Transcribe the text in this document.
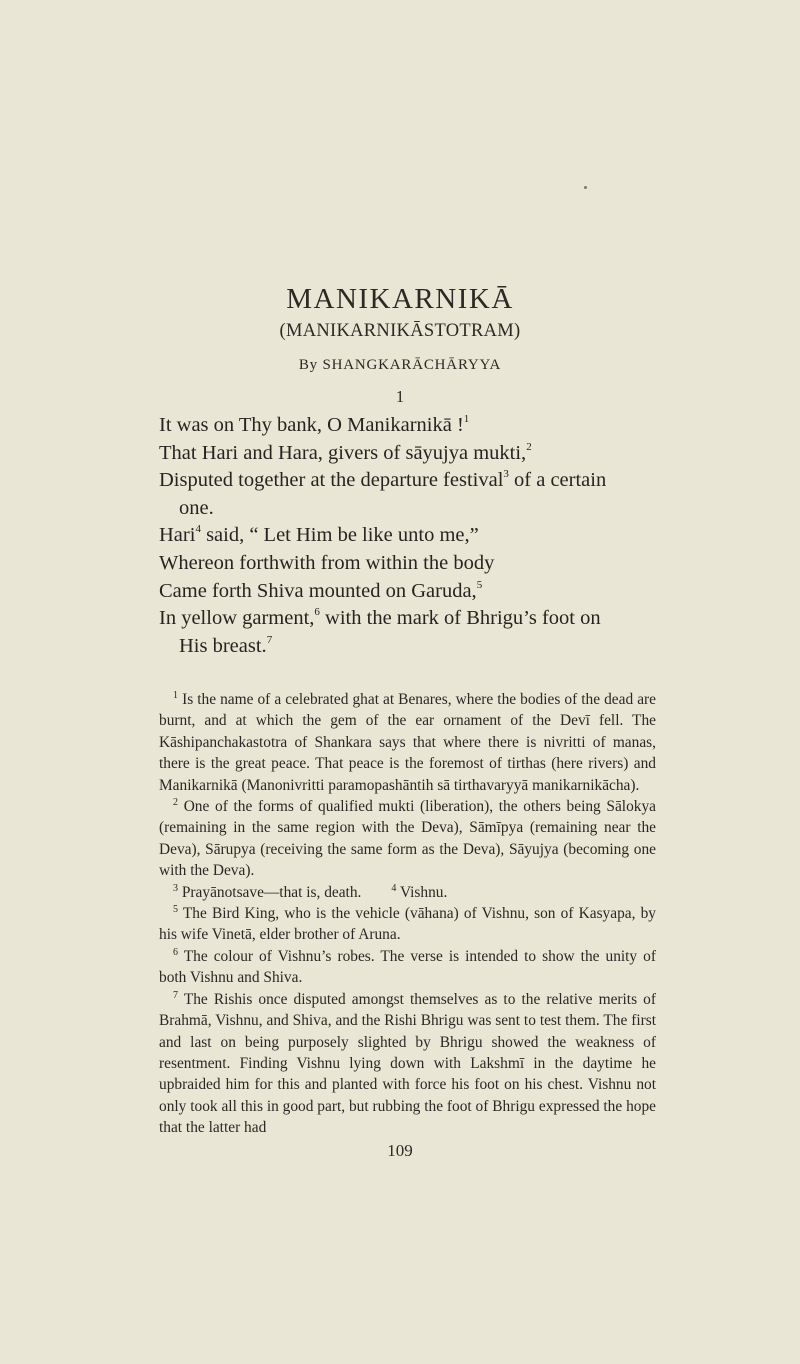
MANIKARNIKĀ
(MANIKARNIKĀSTOTRAM)
By SHANGKARĀCHĀRYYA
1
It was on Thy bank, O Manikarnikā !$^1$
That Hari and Hara, givers of sāyujya mukti,$^2$
Disputed together at the departure festival$^3$ of a certain
one.
Hari$^4$ said, “ Let Him be like unto me,”
Whereon forthwith from within the body
Came forth Shiva mounted on Garuda,$^5$
In yellow garment,$^6$ with the mark of Bhrigu’s foot on
His breast.$^7$

$^1$ Is the name of a celebrated ghat at Benares, where the bodies of the dead are burnt, and at which the gem of the ear ornament of the Devī fell. The Kāshipanchakastotra of Shankara says that where there is nivritti of manas, there is the great peace. That peace is the foremost of tirthas (here rivers) and Manikarnikā (Manonivritti paramopashāntih sā tirthavaryyā manikarnikācha).

$^2$ One of the forms of qualified mukti (liberation), the others being Sālokya (remaining in the same region with the Deva), Sāmīpya (remaining near the Deva), Sārupya (receiving the same form as the Deva), Sāyujya (becoming one with the Deva).

$^3$ Prayānotsave—that is, death.	$^4$ Vishnu.

$^5$ The Bird King, who is the vehicle (vāhana) of Vishnu, son of Kasyapa, by his wife Vinetā, elder brother of Aruna.

$^6$ The colour of Vishnu’s robes. The verse is intended to show the unity of both Vishnu and Shiva.

$^7$ The Rishis once disputed amongst themselves as to the relative merits of Brahmā, Vishnu, and Shiva, and the Rishi Bhrigu was sent to test them. The first and last on being purposely slighted by Bhrigu showed the weakness of resentment. Finding Vishnu lying down with Lakshmī in the daytime he upbraided him for this and planted with force his foot on his chest. Vishnu not only took all this in good part, but rubbing the foot of Bhrigu expressed the hope that the latter had

109
